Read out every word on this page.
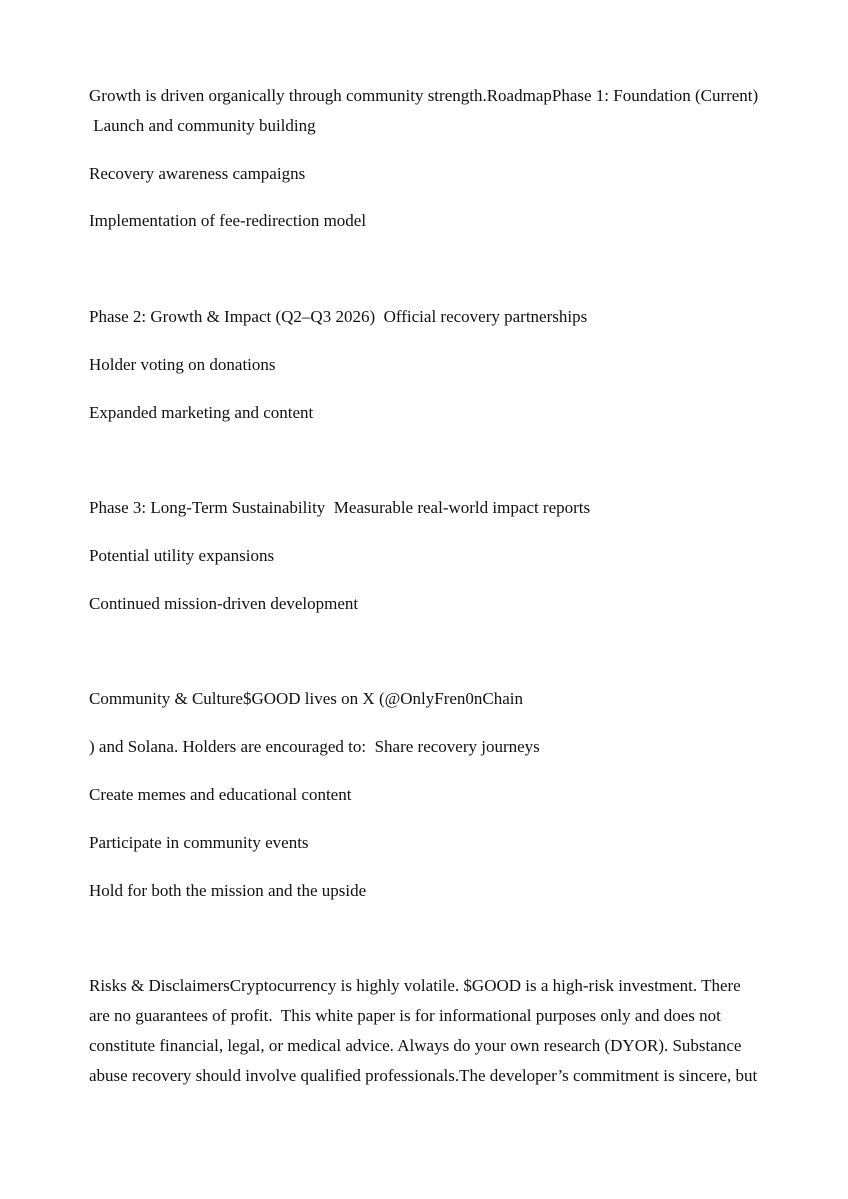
Growth is driven organically through community strength.RoadmapPhase 1: Foundation (Current)
Launch and community building
Recovery awareness campaigns
Implementation of fee-redirection model
Phase 2: Growth & Impact (Q2–Q3 2026)  Official recovery partnerships
Holder voting on donations
Expanded marketing and content
Phase 3: Long-Term Sustainability  Measurable real-world impact reports
Potential utility expansions
Continued mission-driven development
Community & Culture$GOOD lives on X (@OnlyFren0nChain
) and Solana. Holders are encouraged to:  Share recovery journeys
Create memes and educational content
Participate in community events
Hold for both the mission and the upside
Risks & DisclaimersCryptocurrency is highly volatile. $GOOD is a high-risk investment. There
are no guarantees of profit.  This white paper is for informational purposes only and does not
constitute financial, legal, or medical advice. Always do your own research (DYOR). Substance
abuse recovery should involve qualified professionals.The developer’s commitment is sincere, but
